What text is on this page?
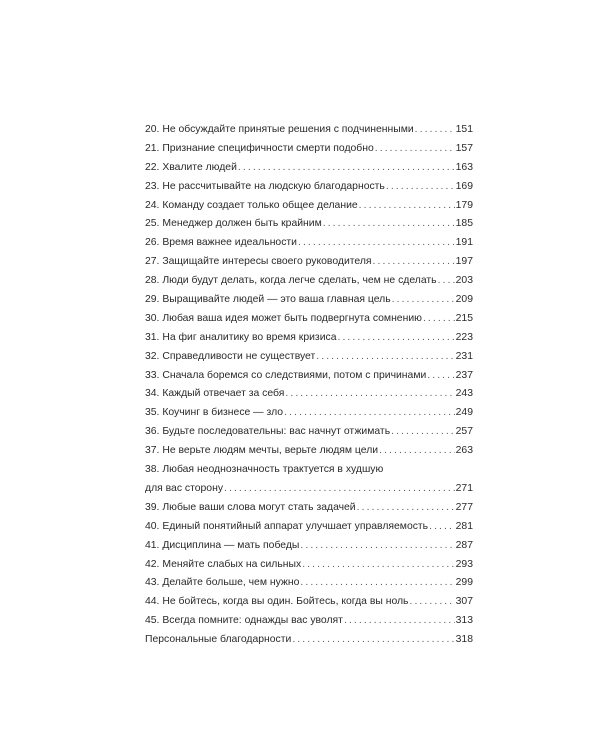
20. Не обсуждайте принятые решения с подчиненными . . .	151
21. Признание специфичности смерти подобно . . .	157
22. Хвалите людей . . .	163
23. Не рассчитывайте на людскую благодарность . . .	169
24. Команду создает только общее делание . . .	179
25. Менеджер должен быть крайним . . .	185
26. Время важнее идеальности . . .	191
27. Защищайте интересы своего руководителя . . .	197
28. Люди будут делать, когда легче сделать, чем не сделать . . . 203
29. Выращивайте людей — это ваша главная цель . . .	209
30. Любая ваша идея может быть подвергнута сомнению . . .	215
31. На фиг аналитику во время кризиса . . .	223
32. Справедливости не существует . . .	231
33. Сначала боремся со следствиями, потом с причинами . . .	237
34. Каждый отвечает за себя . . .	243
35. Коучинг в бизнесе — зло . . .	249
36. Будьте последовательны: вас начнут отжимать . . .	257
37. Не верьте людям мечты, верьте людям цели . . .	263
38. Любая неоднозначность трактуется в худшую
для вас сторону . . .	271
39. Любые ваши слова могут стать задачей . . .	277
40. Единый понятийный аппарат улучшает управляемость . . .	281
41. Дисциплина — мать победы . . .	287
42. Меняйте слабых на сильных . . .	293
43. Делайте больше, чем нужно . . .	299
44. Не бойтесь, когда вы один. Бойтесь, когда вы ноль . . .	307
45. Всегда помните: однажды вас уволят . . .	313
Персональные благодарности . . .	318
